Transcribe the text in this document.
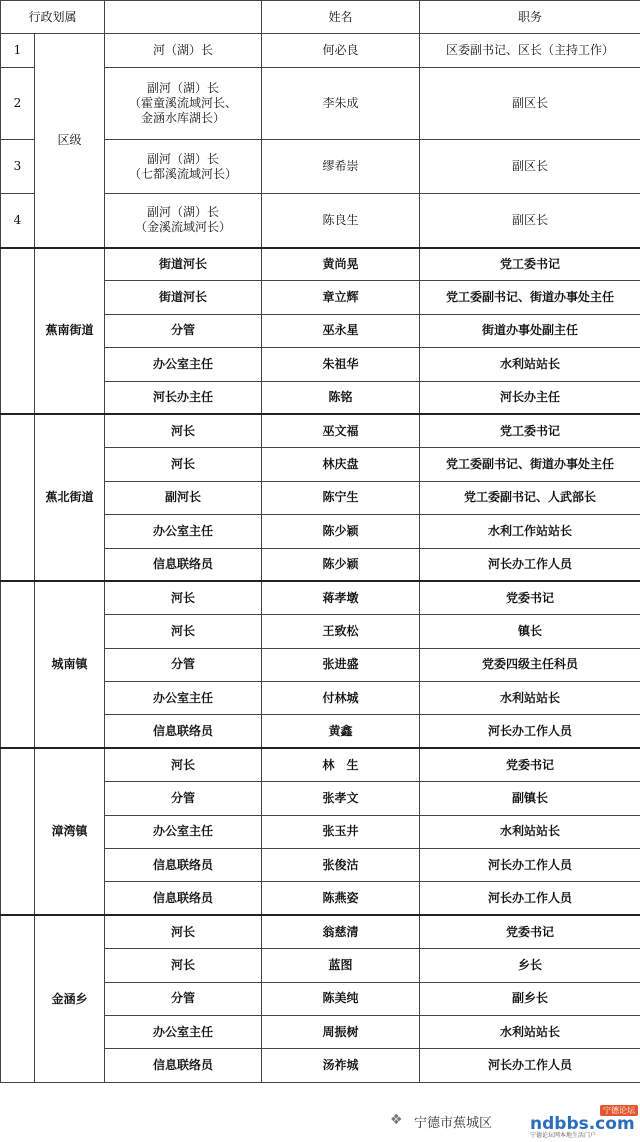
行政划属			姓名	职务
1	区级	河（湖）长	何必良	区委副书记、区长（主持工作）
2		副河（湖）长
（霍童溪流域河长、
金涵水库湖长）	李朱成	副区长
3		副河（湖）长
（七都溪流域河长）	缪希崇	副区长
4		副河（湖）长
（金溪流域河长）	陈良生	副区长
	蕉南街道	街道河长	黄尚晃	党工委书记
		街道河长	章立辉	党工委副书记、街道办事处主任
		分管	巫永星	街道办事处副主任
		办公室主任	朱祖华	水利站站长
		河长办主任	陈铭	河长办主任
	蕉北街道	河长	巫文福	党工委书记
		河长	林庆盘	党工委副书记、街道办事处主任
		副河长	陈宁生	党工委副书记、人武部长
		办公室主任	陈少颖	水利工作站站长
		信息联络员	陈少颖	河长办工作人员
	城南镇	河长	蒋孝墩	党委书记
		河长	王致松	镇长
		分管	张进盛	党委四级主任科员
		办公室主任	付林城	水利站站长
		信息联络员	黄鑫	河长办工作人员
	漳湾镇	河长	林　生	党委书记
		分管	张孝文	副镇长
		办公室主任	张玉井	水利站站长
		信息联络员	张俊沽	河长办工作人员
		信息联络员	陈燕姿	河长办工作人员
	金涵乡	河长	翁慈清	党委书记
		河长	蓝图	乡长
		分管	陈美纯	副乡长
		办公室主任	周振树	水利站站长
		信息联络员	汤祚城	河长办工作人员
❖ 宁德市蕉城区
宁德论坛
ndbbs.com
宁德论坛网本地生活门户
